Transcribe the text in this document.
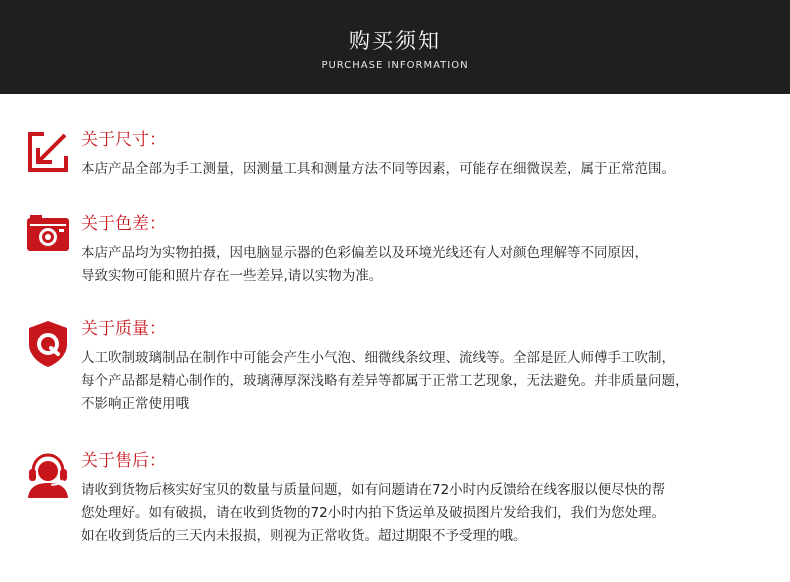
购买须知
PURCHASE INFORMATION
关于尺寸：
本店产品全部为手工测量，因测量工具和测量方法不同等因素，可能存在细微误差，属于正常范围。
关于色差：
本店产品均为实物拍摄，因电脑显示器的色彩偏差以及环境光线还有人对颜色理解等不同原因，
导致实物可能和照片存在一些差异,请以实物为准。
关于质量：
人工吹制玻璃制品在制作中可能会产生小气泡、细微线条纹理、流线等。全部是匠人师傅手工吹制，
每个产品都是精心制作的，玻璃薄厚深浅略有差异等都属于正常工艺现象，无法避免。并非质量问题，
不影响正常使用哦
关于售后：
请收到货物后核实好宝贝的数量与质量问题，如有问题请在72小时内反馈给在线客服以便尽快的帮
您处理好。如有破损，请在收到货物的72小时内拍下货运单及破损图片发给我们，我们为您处理。
如在收到货后的三天内未报损，则视为正常收货。超过期限不予受理的哦。
